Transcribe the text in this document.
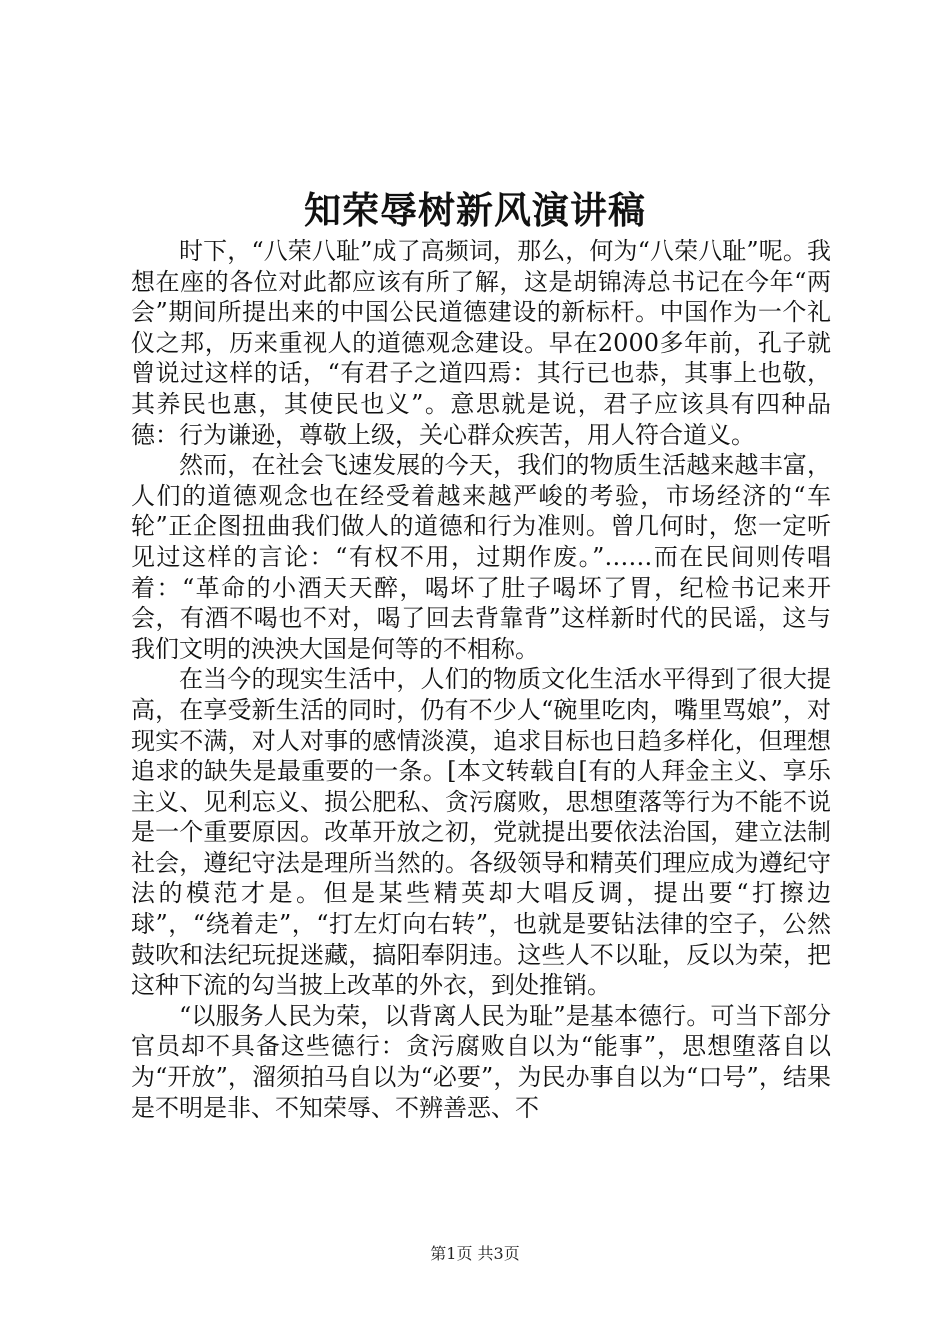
知荣辱树新风演讲稿

时下，“八荣八耻”成了高频词，那么，何为“八荣八耻”呢。我想在座的各位对此都应该有所了解，这是胡锦涛总书记在今年“两会”期间所提出来的中国公民道德建设的新标杆。中国作为一个礼仪之邦，历来重视人的道德观念建设。早在2000多年前，孔子就曾说过这样的话，“有君子之道四焉：其行已也恭，其事上也敬，其养民也惠，其使民也义”。意思就是说，君子应该具有四种品德：行为谦逊，尊敬上级，关心群众疾苦，用人符合道义。

然而，在社会飞速发展的今天，我们的物质生活越来越丰富，人们的道德观念也在经受着越来越严峻的考验，市场经济的“车轮”正企图扭曲我们做人的道德和行为准则。曾几何时，您一定听见过这样的言论：“有权不用，过期作废。”……而在民间则传唱着：“革命的小酒天天醉，喝坏了肚子喝坏了胃，纪检书记来开会，有酒不喝也不对，喝了回去背靠背”这样新时代的民谣，这与我们文明的泱泱大国是何等的不相称。

在当今的现实生活中，人们的物质文化生活水平得到了很大提高，在享受新生活的同时，仍有不少人“碗里吃肉，嘴里骂娘”，对现实不满，对人对事的感情淡漠，追求目标也日趋多样化，但理想追求的缺失是最重要的一条。[本文转载自[有的人拜金主义、享乐主义、见利忘义、损公肥私、贪污腐败，思想堕落等行为不能不说是一个重要原因。改革开放之初，党就提出要依法治国，建立法制社会，遵纪守法是理所当然的。各级领导和精英们理应成为遵纪守法的模范才是。但是某些精英却大唱反调，提出要“打擦边球”，“绕着走”，“打左灯向右转”，也就是要钻法律的空子，公然鼓吹和法纪玩捉迷藏，搞阳奉阴违。这些人不以耻，反以为荣，把这种下流的勾当披上改革的外衣，到处推销。

“以服务人民为荣，以背离人民为耻”是基本德行。可当下部分官员却不具备这些德行：贪污腐败自以为“能事”，思想堕落自以为“开放”，溜须拍马自以为“必要”，为民办事自以为“口号”，结果是不明是非、不知荣辱、不辨善恶、不

第1页 共3页
